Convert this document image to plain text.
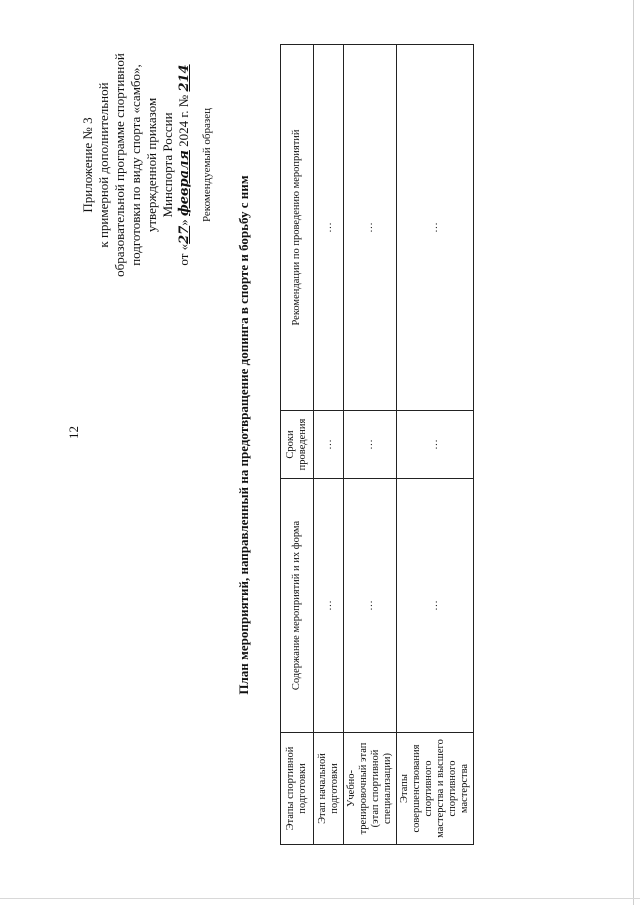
12
Приложение № 3 к примерной дополнительной образовательной программе спортивной подготовки по виду спорта «самбо», утвержденной приказом Минспорта России
от «27» февраля 2024 г. № 214
Рекомендуемый образец
План мероприятий, направленный на предотвращение допинга в спорте и борьбу с ним
Этапы спортивной подготовки	Содержание мероприятий и их форма	Сроки проведения	Рекомендации по проведению мероприятий
Этап начальной подготовки	…	…	…
Учебно-тренировочный этап (этап спортивной специализации)	…	…	…
Этапы совершенствования спортивного мастерства и высшего спортивного мастерства	…	…	…
